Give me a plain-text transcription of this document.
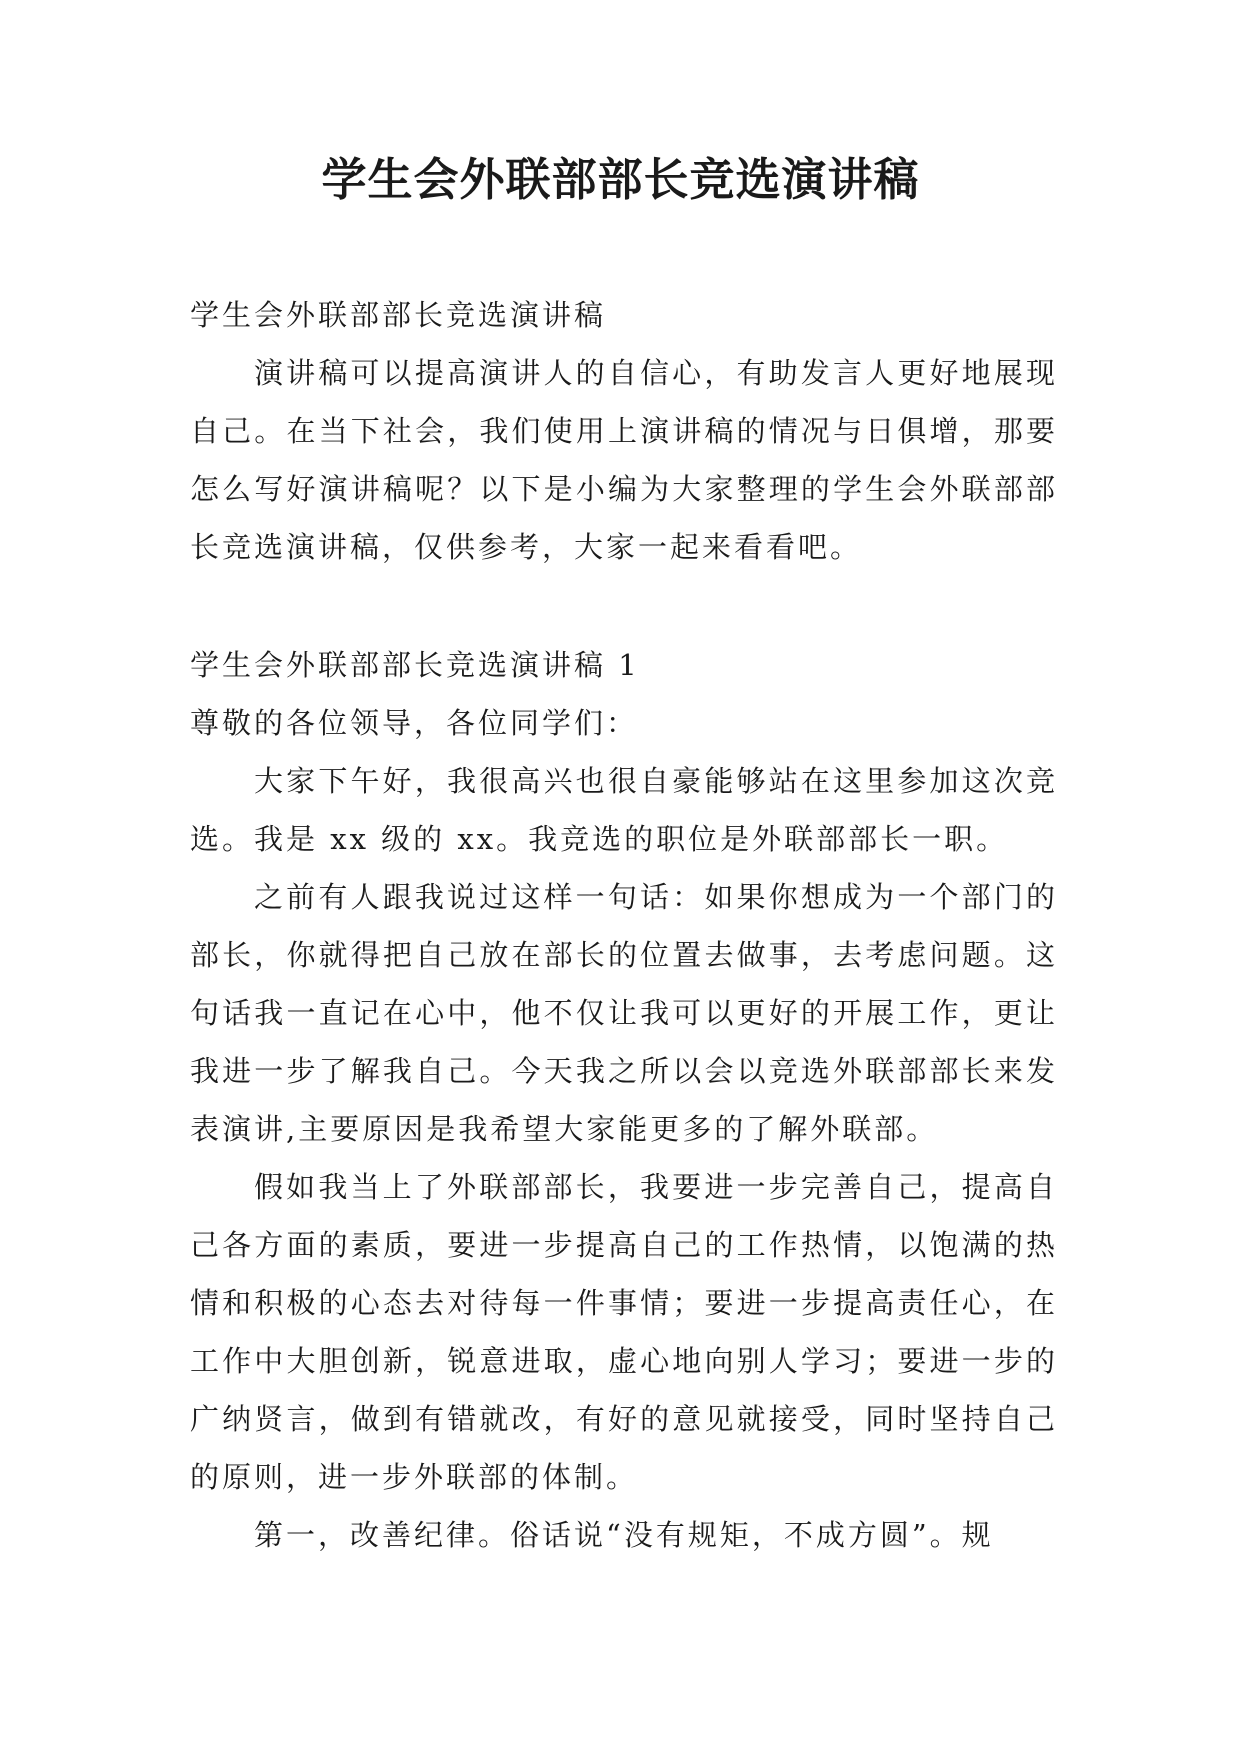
学生会外联部部长竞选演讲稿

学生会外联部部长竞选演讲稿

演讲稿可以提高演讲人的自信心，有助发言人更好地展现自己。在当下社会，我们使用上演讲稿的情况与日俱增，那要怎么写好演讲稿呢？以下是小编为大家整理的学生会外联部部长竞选演讲稿，仅供参考，大家一起来看看吧。

学生会外联部部长竞选演讲稿 1

尊敬的各位领导，各位同学们：

大家下午好，我很高兴也很自豪能够站在这里参加这次竞选。我是 xx 级的 xx。我竞选的职位是外联部部长一职。

之前有人跟我说过这样一句话：如果你想成为一个部门的部长，你就得把自己放在部长的位置去做事，去考虑问题。这句话我一直记在心中，他不仅让我可以更好的开展工作，更让我进一步了解我自己。今天我之所以会以竞选外联部部长来发表演讲,主要原因是我希望大家能更多的了解外联部。

假如我当上了外联部部长，我要进一步完善自己，提高自己各方面的素质，要进一步提高自己的工作热情，以饱满的热情和积极的心态去对待每一件事情；要进一步提高责任心，在工作中大胆创新，锐意进取，虚心地向别人学习；要进一步的广纳贤言，做到有错就改，有好的意见就接受，同时坚持自己的原则，进一步外联部的体制。

第一，改善纪律。俗话说“没有规矩，不成方圆”。规
